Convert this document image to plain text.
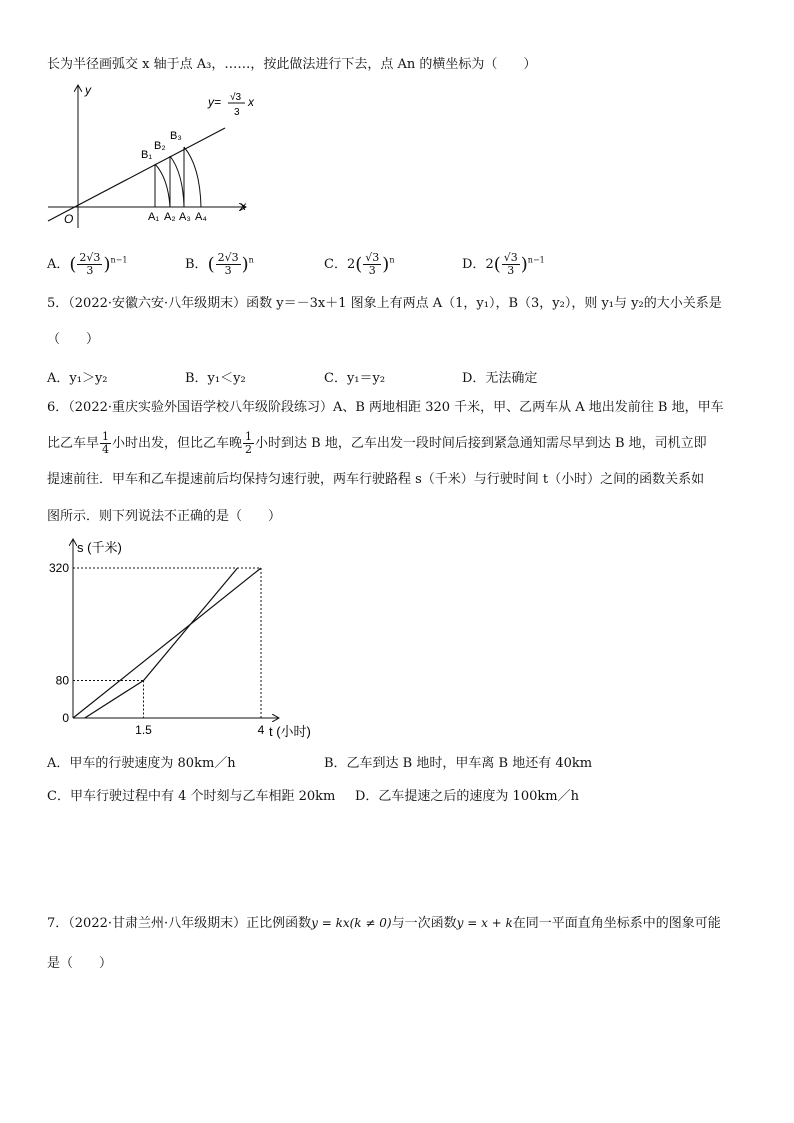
长为半径画弧交 x 轴于点 A₃，……，按此做法进行下去，点 An 的横坐标为（　　）
y
x
O
y= √3
3
x
B₁
B₂
B₃
A₁ A₂ A₃ A₄
A．( $\frac{2√3}{3} )^{n-1}$	B．( $\frac{2√3}{3} )^n$	C．$2( \frac{√3}{3} )^n$	D．$2( \frac{√3}{3} )^{n-1}$
5．（2022·安徽六安·八年级期末）函数 y＝－3x＋1 图象上有两点 A（1，y₁），B（3，y₂），则 y₁与 y₂的大小关系是
（　　）
A．y₁＞y₂	B．y₁＜y₂	C．y₁＝y₂	D．无法确定
6．（2022·重庆实验外国语学校八年级阶段练习）A、B 两地相距 320 千米，甲、乙两车从 A 地出发前往 B 地，甲车
比乙车早 $\frac{1}{4}$ 小时出发，但比乙车晚 $\frac{1}{2}$ 小时到达 B 地，乙车出发一段时间后接到紧急通知需尽早到达 B 地，司机立即
提速前往．甲车和乙车提速前后均保持匀速行驶，两车行驶路程 s（千米）与行驶时间 t（小时）之间的函数关系如
图所示．则下列说法不正确的是（　　）
320
80
0
1.5	4
s (千米)
t (小时)
A．甲车的行驶速度为 80km／h	B．乙车到达 B 地时，甲车离 B 地还有 40km
C．甲车行驶过程中有 4 个时刻与乙车相距 20km D．乙车提速之后的速度为 100km／h
7．（2022·甘肃兰州·八年级期末）正比例函数y = kx(k ≠ 0)与一次函数y = x + k在同一平面直角坐标系中的图象可能
是（　　）
